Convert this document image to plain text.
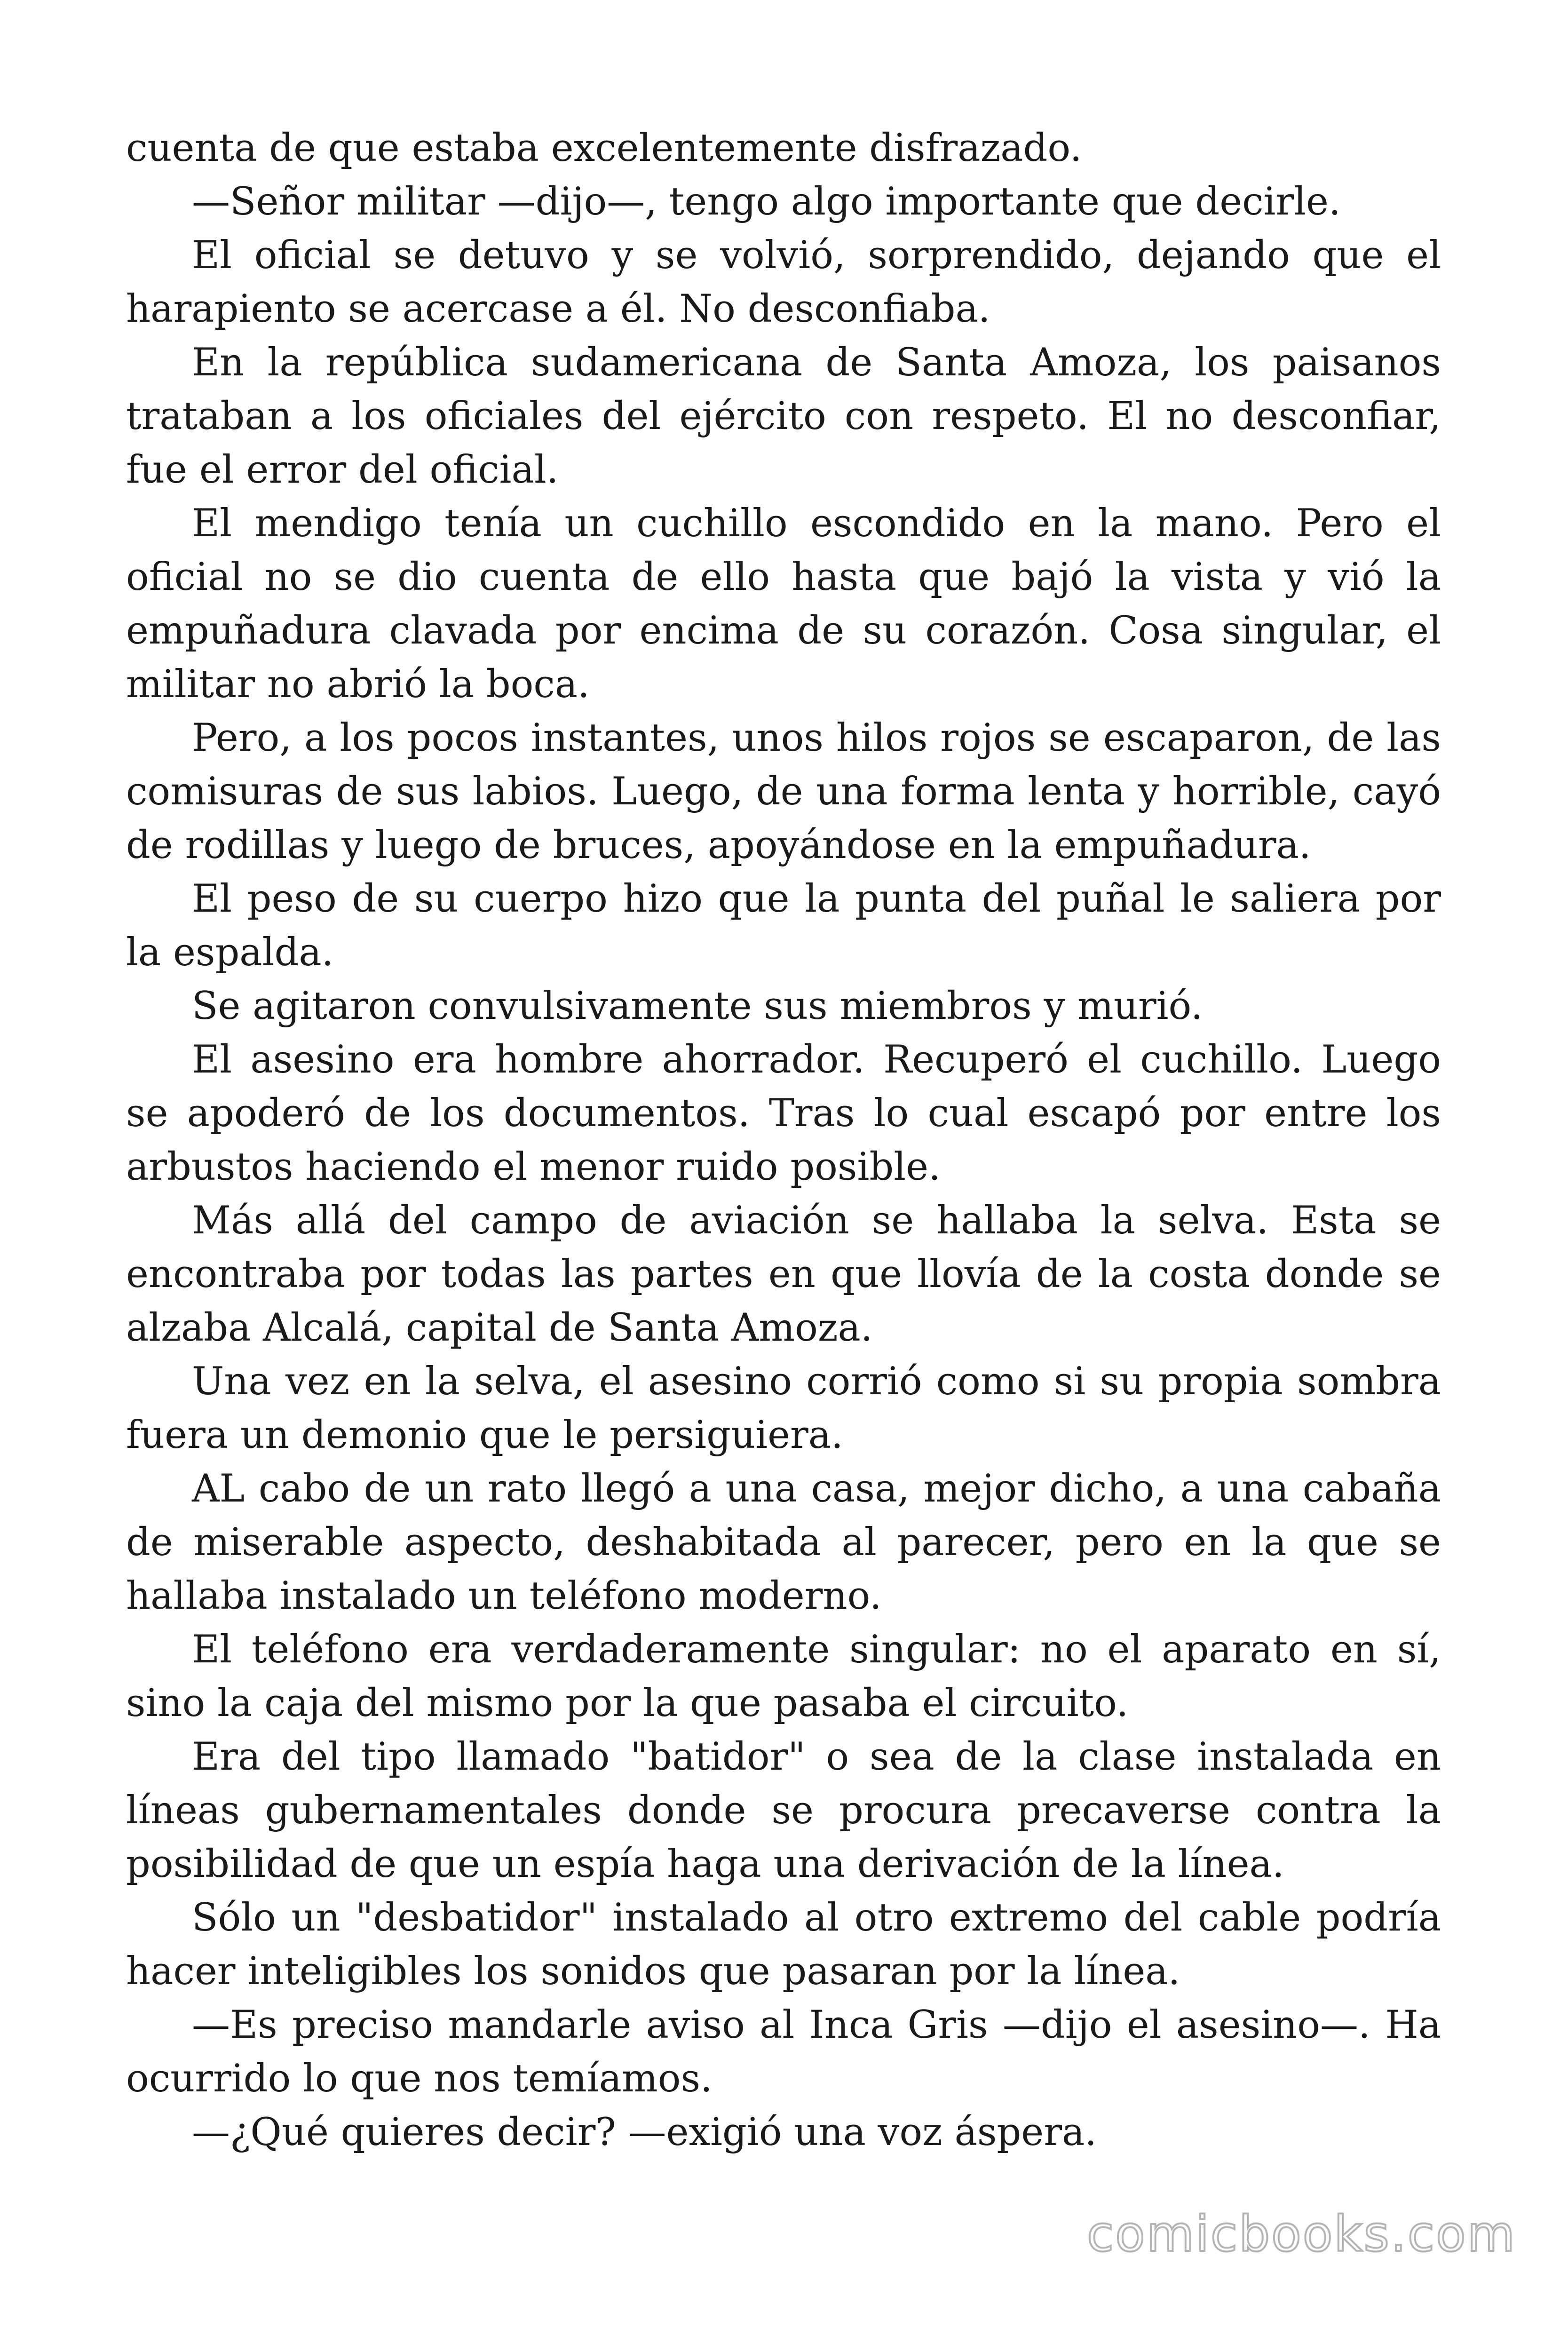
cuenta de que estaba excelentemente disfrazado.

—Señor militar —dijo—, tengo algo importante que decirle.

El oficial se detuvo y se volvió, sorprendido, dejando que el harapiento se acercase a él. No desconfiaba.

En la república sudamericana de Santa Amoza, los paisanos trataban a los oficiales del ejército con respeto. El no desconfiar, fue el error del oficial.

El mendigo tenía un cuchillo escondido en la mano. Pero el oficial no se dio cuenta de ello hasta que bajó la vista y vió la empuñadura clavada por encima de su corazón. Cosa singular, el militar no abrió la boca.

Pero, a los pocos instantes, unos hilos rojos se escaparon, de las comisuras de sus labios. Luego, de una forma lenta y horrible, cayó de rodillas y luego de bruces, apoyándose en la empuñadura.

El peso de su cuerpo hizo que la punta del puñal le saliera por la espalda.

Se agitaron convulsivamente sus miembros y murió.

El asesino era hombre ahorrador. Recuperó el cuchillo. Luego se apoderó de los documentos. Tras lo cual escapó por entre los arbustos haciendo el menor ruido posible.

Más allá del campo de aviación se hallaba la selva. Esta se encontraba por todas las partes en que llovía de la costa donde se alzaba Alcalá, capital de Santa Amoza.

Una vez en la selva, el asesino corrió como si su propia sombra fuera un demonio que le persiguiera.

AL cabo de un rato llegó a una casa, mejor dicho, a una cabaña de miserable aspecto, deshabitada al parecer, pero en la que se hallaba instalado un teléfono moderno.

El teléfono era verdaderamente singular: no el aparato en sí, sino la caja del mismo por la que pasaba el circuito.

Era del tipo llamado "batidor" o sea de la clase instalada en líneas gubernamentales donde se procura precaverse contra la posibilidad de que un espía haga una derivación de la línea.

Sólo un "desbatidor" instalado al otro extremo del cable podría hacer inteligibles los sonidos que pasaran por la línea.

—Es preciso mandarle aviso al Inca Gris —dijo el asesino—. Ha ocurrido lo que nos temíamos.

—¿Qué quieres decir? —exigió una voz áspera.

comicbooks.com
